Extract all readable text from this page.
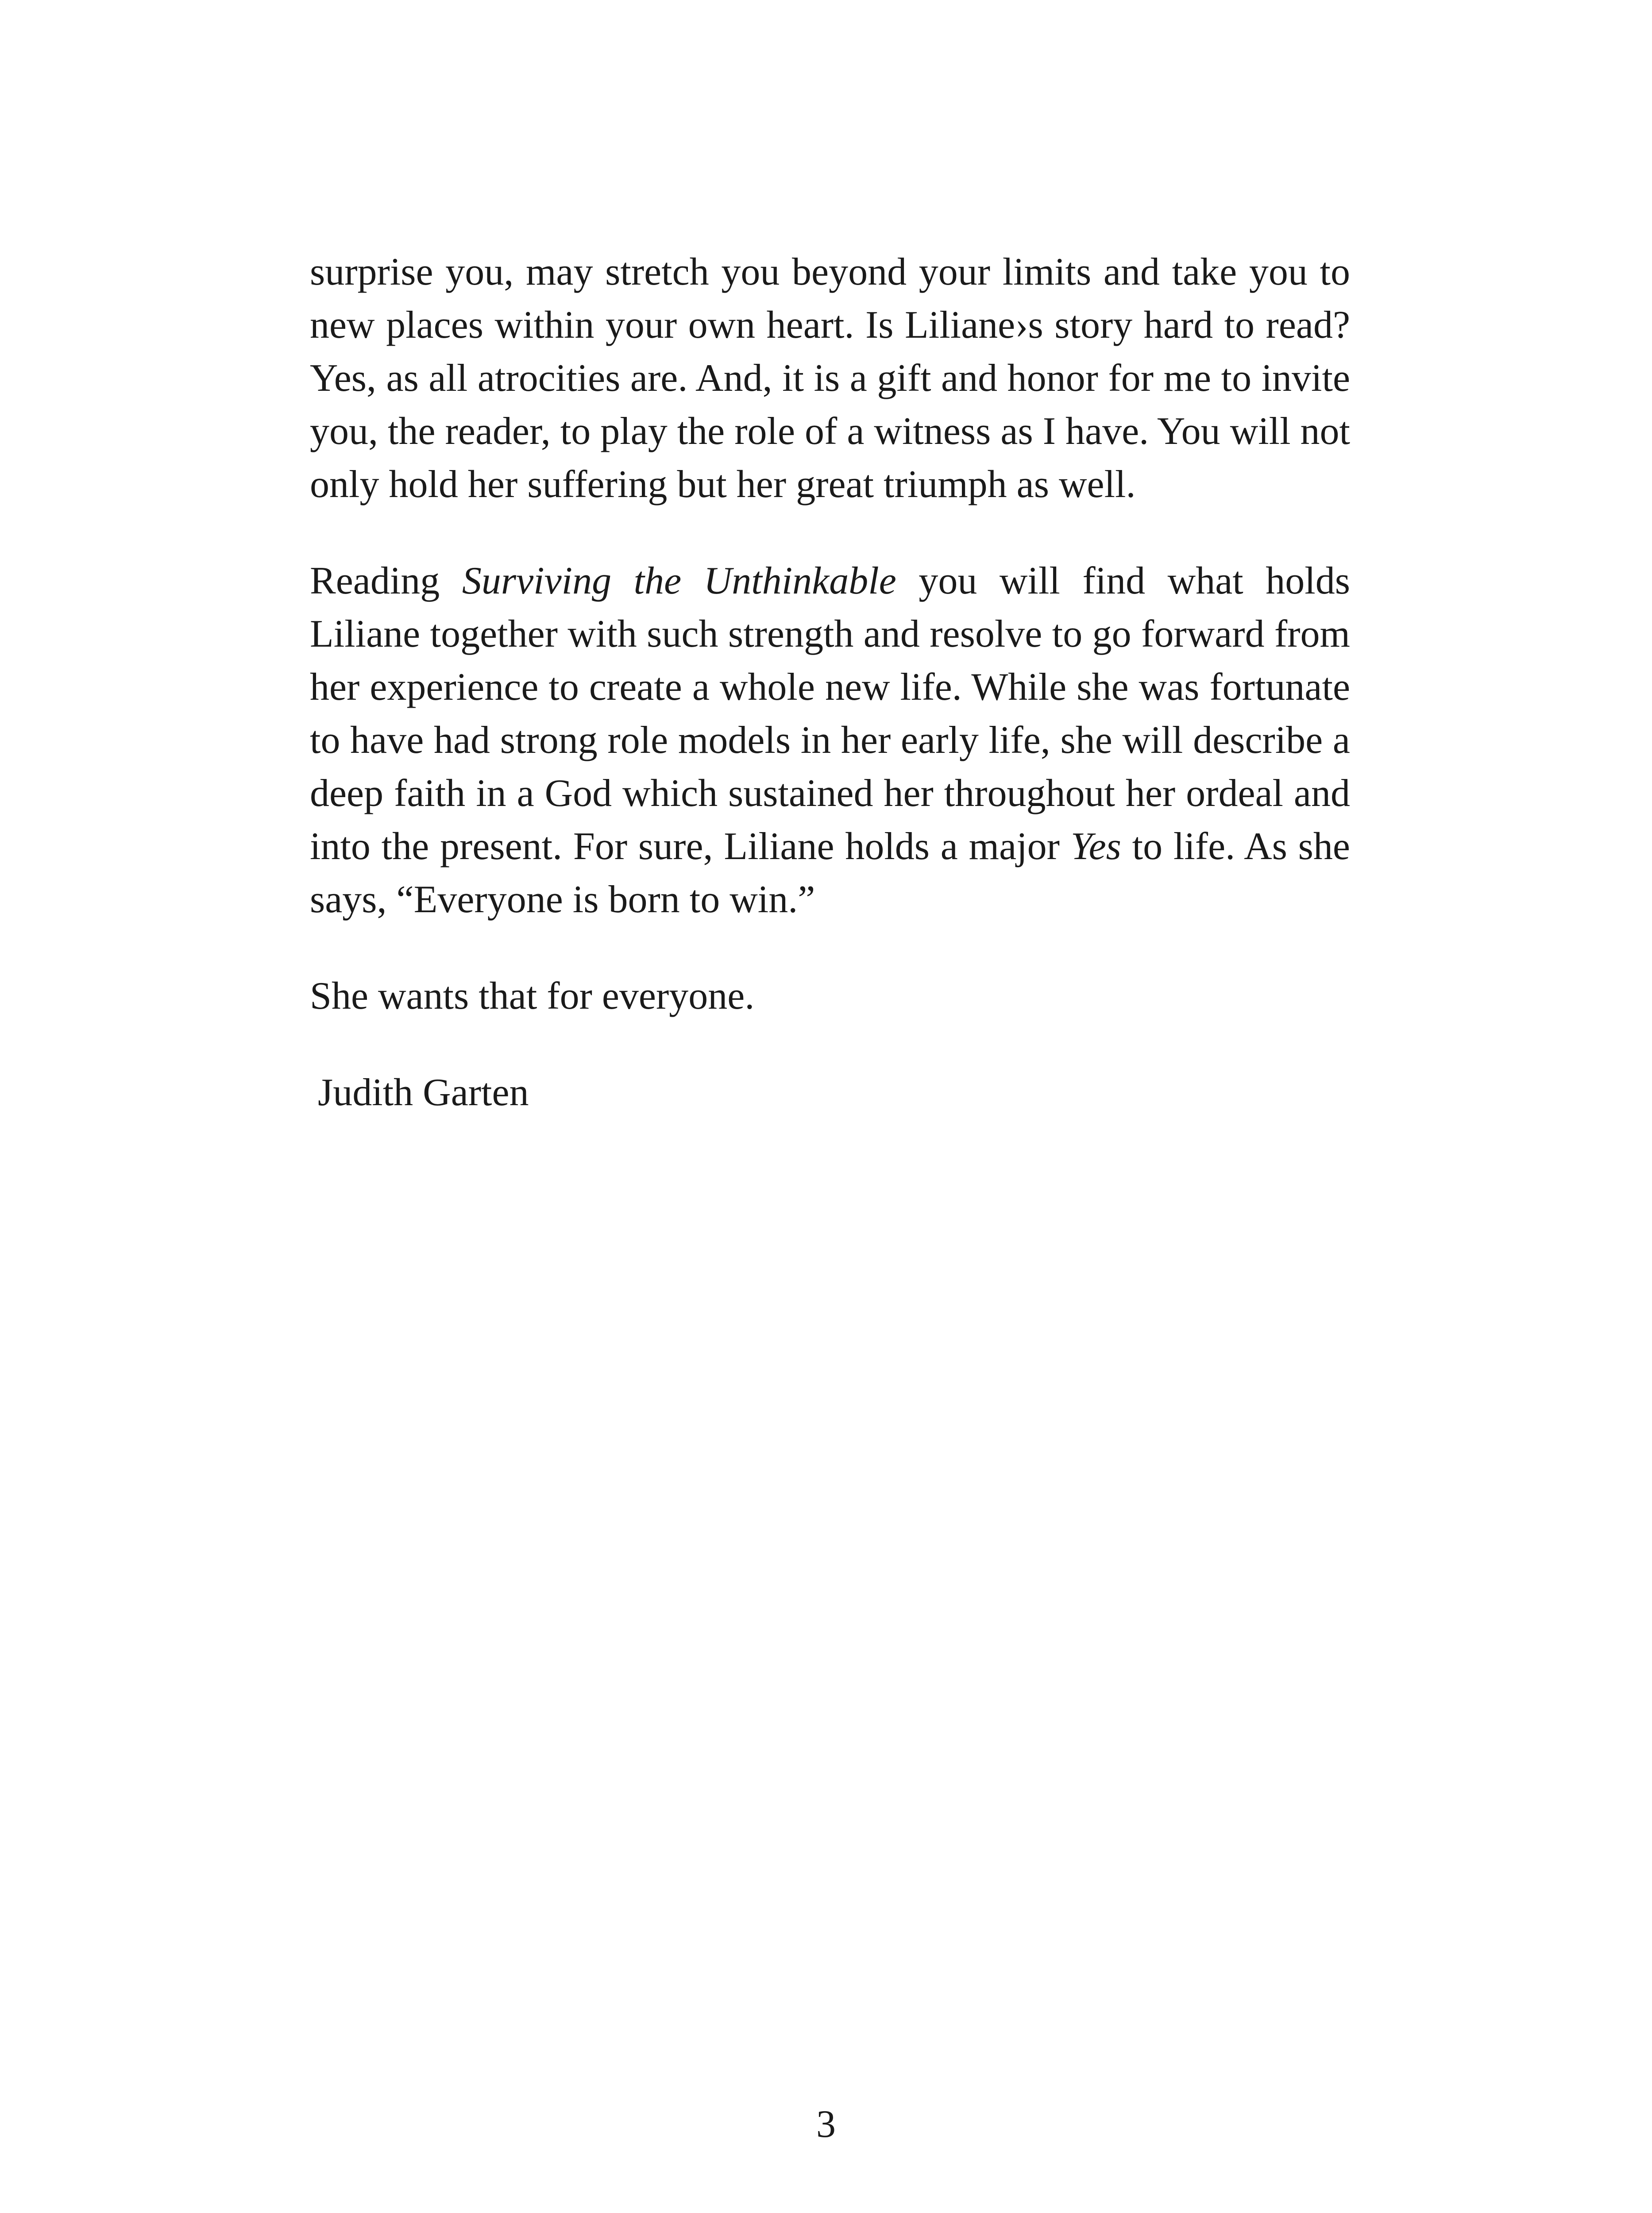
surprise you, may stretch you beyond your limits and take you to
new places within your own heart. Is Liliane›s story hard to read?
Yes, as all atrocities are. And, it is a gift and honor for me to invite
you, the reader, to play the role of a witness as I have. You will not
only hold her suffering but her great triumph as well.

Reading Surviving the Unthinkable you will find what holds
Liliane together with such strength and resolve to go forward from
her experience to create a whole new life. While she was fortunate
to have had strong role models in her early life, she will describe a
deep faith in a God which sustained her throughout her ordeal and
into the present. For sure, Liliane holds a major Yes to life. As she
says, “Everyone is born to win.”

She wants that for everyone.

Judith Garten

3
